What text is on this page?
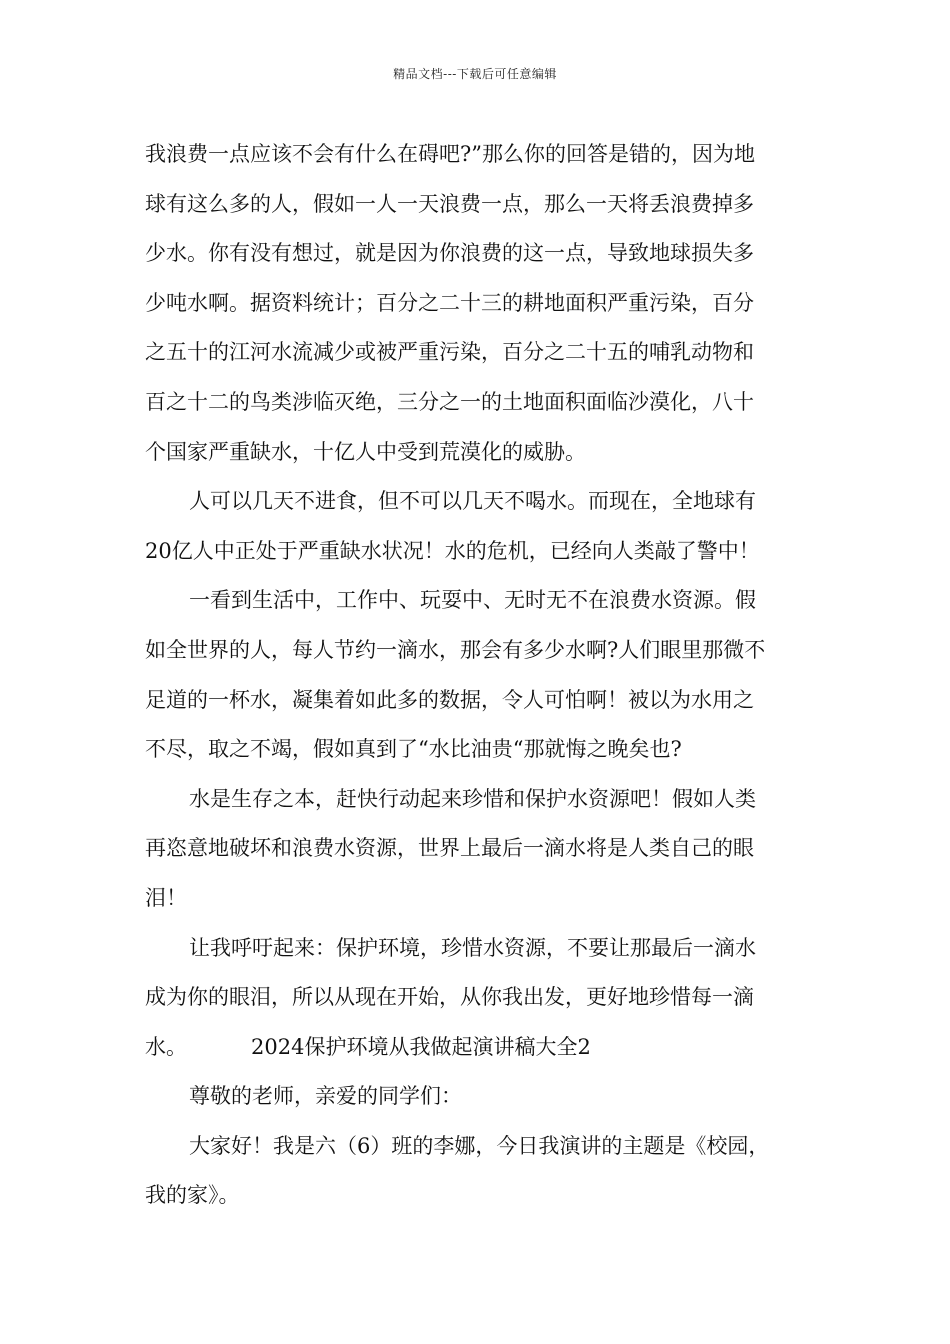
精品文档---下载后可任意编辑
我浪费一点应该不会有什么在碍吧?”那么你的回答是错的，因为地
球有这么多的人，假如一人一天浪费一点，那么一天将丢浪费掉多
少水。你有没有想过，就是因为你浪费的这一点，导致地球损失多
少吨水啊。据资料统计；百分之二十三的耕地面积严重污染，百分
之五十的江河水流减少或被严重污染，百分之二十五的哺乳动物和
百之十二的鸟类涉临灭绝，三分之一的土地面积面临沙漠化，八十
个国家严重缺水，十亿人中受到荒漠化的威胁。
人可以几天不进食，但不可以几天不喝水。而现在，全地球有
20亿人中正处于严重缺水状况！水的危机，已经向人类敲了警中！
一看到生活中，工作中、玩耍中、无时无不在浪费水资源。假
如全世界的人，每人节约一滴水，那会有多少水啊?人们眼里那微不
足道的一杯水，凝集着如此多的数据，令人可怕啊！被以为水用之
不尽，取之不竭，假如真到了“水比油贵“那就悔之晚矣也?
水是生存之本，赶快行动起来珍惜和保护水资源吧！假如人类
再恣意地破坏和浪费水资源，世界上最后一滴水将是人类自己的眼
泪！
让我呼吁起来：保护环境，珍惜水资源，不要让那最后一滴水
成为你的眼泪，所以从现在开始，从你我出发，更好地珍惜每一滴
水。	2024保护环境从我做起演讲稿大全2
尊敬的老师，亲爱的同学们：
大家好！我是六（6）班的李娜，今日我演讲的主题是《校园，
我的家》。
